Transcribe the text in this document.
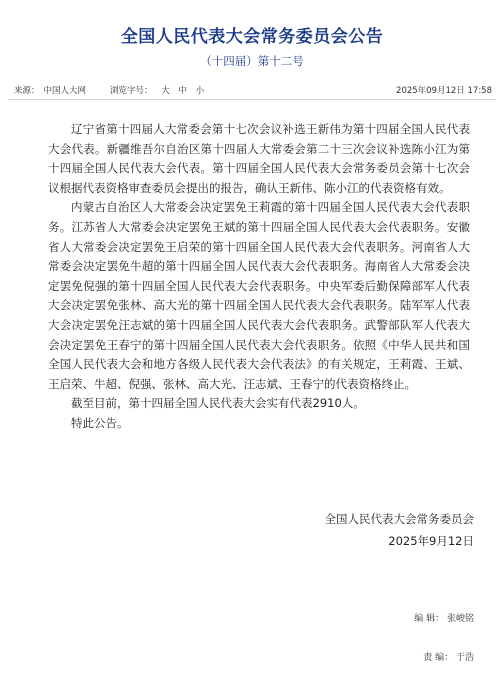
全国人民代表大会常务委员会公告
（十四届）第十二号
来源： 中国人大网	浏览字号： 大 中 小	2025年09月12日 17:58

辽宁省第十四届人大常委会第十七次会议补选王新伟为第十四届全国人民代表大会代表。新疆维吾尔自治区第十四届人大常委会第二十三次会议补选陈小江为第十四届全国人民代表大会代表。第十四届全国人民代表大会常务委员会第十七次会议根据代表资格审查委员会提出的报告，确认王新伟、陈小江的代表资格有效。

内蒙古自治区人大常委会决定罢免王莉霞的第十四届全国人民代表大会代表职务。江苏省人大常委会决定罢免王斌的第十四届全国人民代表大会代表职务。安徽省人大常委会决定罢免王启荣的第十四届全国人民代表大会代表职务。河南省人大常委会决定罢免牛超的第十四届全国人民代表大会代表职务。海南省人大常委会决定罢免倪强的第十四届全国人民代表大会代表职务。中央军委后勤保障部军人代表大会决定罢免张林、高大光的第十四届全国人民代表大会代表职务。陆军军人代表大会决定罢免汪志斌的第十四届全国人民代表大会代表职务。武警部队军人代表大会决定罢免王春宁的第十四届全国人民代表大会代表职务。依照《中华人民共和国全国人民代表大会和地方各级人民代表大会代表法》的有关规定，王莉霞、王斌、王启荣、牛超、倪强、张林、高大光、汪志斌、王春宁的代表资格终止。

截至目前，第十四届全国人民代表大会实有代表2910人。

特此公告。

全国人民代表大会常务委员会
2025年9月12日
编 辑： 张峻铭
责 编： 于浩
